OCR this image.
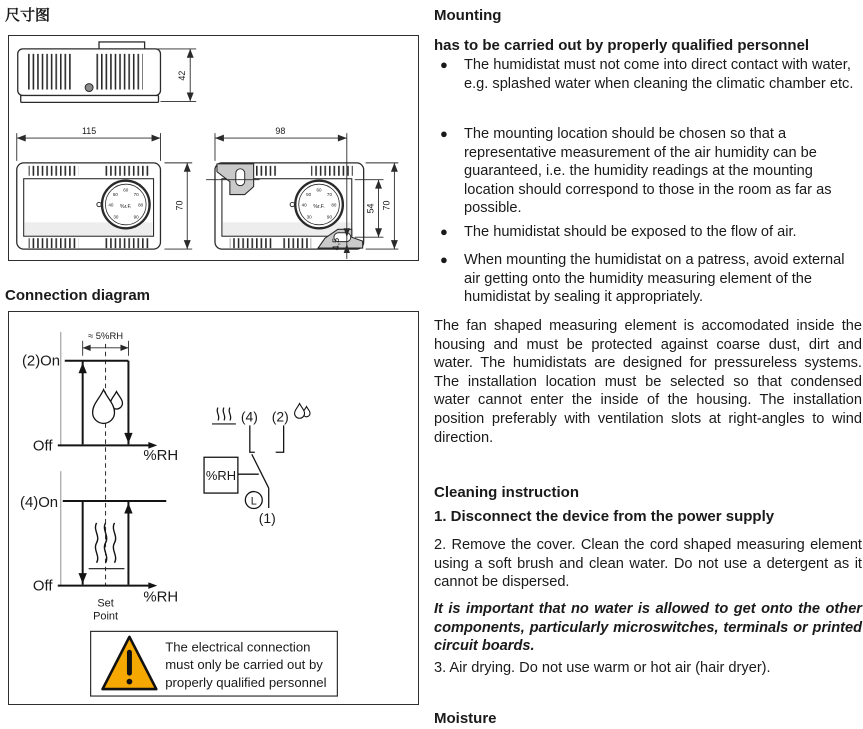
尺寸图
42
30
40
50
60
70
80
90
%r.F.
115
70
30
40
50
60
70
80
90
%r.F.
98
54 70
4,5
Connection diagram
≈ 5%RH
(2)On
Off
%RH
(4)On
Off
%RH
Set
Point
(4) (2)
%RH
L
(1)
The electrical connection
must only be carried out by
properly qualified personnel
Mounting
has to be carried out by properly qualified personnel
●	The humidistat must not come into direct contact with water, e.g. splashed water when cleaning the climatic chamber etc.
●	The mounting location should be chosen so that a representative measurement of the air humidity can be guaranteed, i.e. the humidity readings at the mounting location should correspond to those in the room as far as possible.
●	The humidistat should be exposed to the flow of air.
●	When mounting the humidistat on a patress, avoid external air getting onto the humidity measuring element of the humidistat by sealing it appropriately.
The fan shaped measuring element is accomodated inside the housing and must be protected against coarse dust, dirt and water. The humidistats are designed for pressureless systems. The installation location must be selected so that condensed water cannot enter the inside of the housing. The installation position preferably with ventilation slots at right-angles to wind direction.
Cleaning instruction
1. Disconnect the device from the power supply
2. Remove the cover. Clean the cord shaped measuring element using a soft brush and clean water. Do not use a detergent as it cannot be dispersed.
It is important that no water is allowed to get onto the other components, particularly microswitches, terminals or printed circuit boards.
3. Air drying. Do not use warm or hot air (hair dryer).
Moisture
